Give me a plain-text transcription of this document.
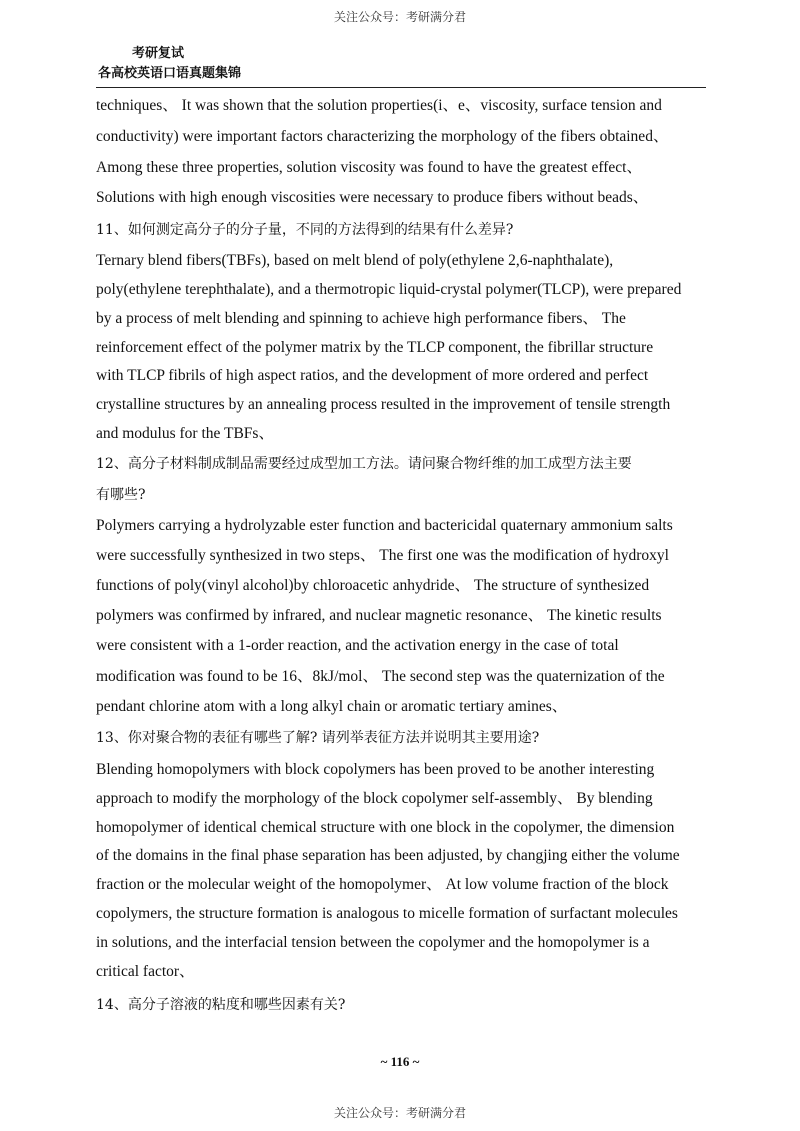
关注公众号：考研满分君
考研复试
各高校英语口语真题集锦
techniques、 It was shown that the solution properties(i、e、viscosity, surface tension and
conductivity) were important factors characterizing the morphology of the fibers obtained、
Among these three properties, solution viscosity was found to have the greatest effect、
Solutions with high enough viscosities were necessary to produce fibers without beads、
11、如何测定高分子的分子量，不同的方法得到的结果有什么差异?
Ternary blend fibers(TBFs), based on melt blend of poly(ethylene 2,6-naphthalate),
poly(ethylene terephthalate), and a thermotropic liquid-crystal polymer(TLCP), were prepared
by a process of melt blending and spinning to achieve high performance fibers、 The
reinforcement effect of the polymer matrix by the TLCP component, the fibrillar structure
with TLCP fibrils of high aspect ratios, and the development of more ordered and perfect
crystalline structures by an annealing process resulted in the improvement of tensile strength
and modulus for the TBFs、
12、高分子材料制成制品需要经过成型加工方法。请问聚合物纤维的加工成型方法主要
有哪些?
Polymers carrying a hydrolyzable ester function and bactericidal quaternary ammonium salts
were successfully synthesized in two steps、 The first one was the modification of hydroxyl
functions of poly(vinyl alcohol)by chloroacetic anhydride、 The structure of synthesized
polymers was confirmed by infrared, and nuclear magnetic resonance、 The kinetic results
were consistent with a 1-order reaction, and the activation energy in the case of total
modification was found to be 16、8kJ/mol、 The second step was the quaternization of the
pendant chlorine atom with a long alkyl chain or aromatic tertiary amines、
13、你对聚合物的表征有哪些了解? 请列举表征方法并说明其主要用途?
Blending homopolymers with block copolymers has been proved to be another interesting
approach to modify the morphology of the block copolymer self-assembly、 By blending
homopolymer of identical chemical structure with one block in the copolymer, the dimension
of the domains in the final phase separation has been adjusted, by changjing either the volume
fraction or the molecular weight of the homopolymer、 At low volume fraction of the block
copolymers, the structure formation is analogous to micelle formation of surfactant molecules
in solutions, and the interfacial tension between the copolymer and the homopolymer is a
critical factor、
14、高分子溶液的粘度和哪些因素有关?
~ 116 ~
关注公众号：考研满分君
